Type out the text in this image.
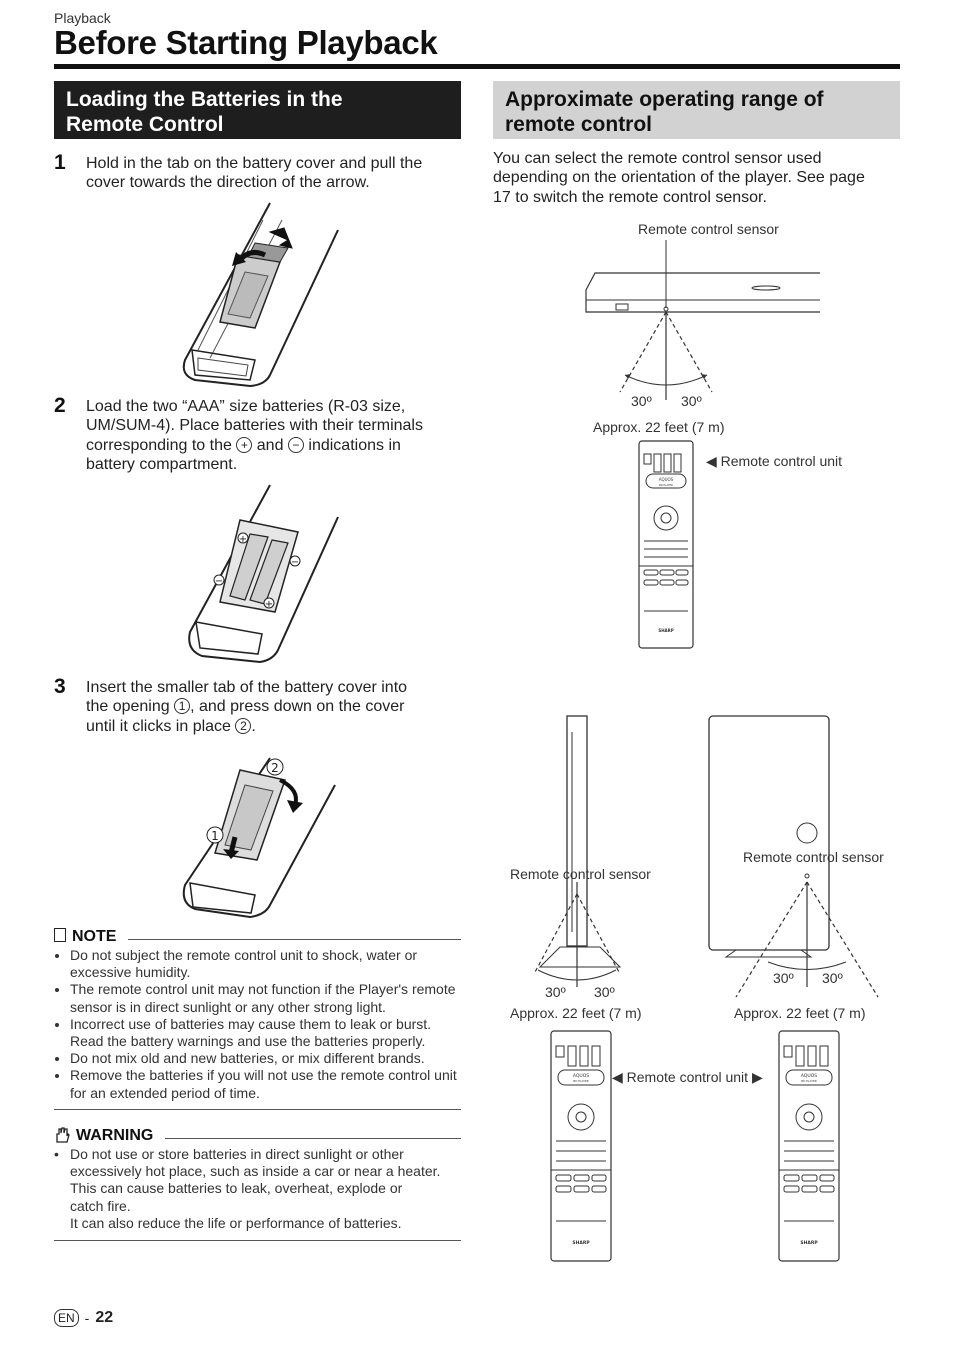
Playback
Before Starting Playback
Loading the Batteries in the
Remote Control
Approximate operating range of
remote control
1 Hold in the tab on the battery cover and pull the
cover towards the direction of the arrow.
2 Load the two “AAA” size batteries (R-03 size,
UM/SUM-4). Place batteries with their terminals
corresponding to the + and − indications in
battery compartment.
+
−
−
+
3 Insert the smaller tab of the battery cover into
the opening 1 , and press down on the cover
until it clicks in place 2 .
2
1
NOTE
• Do not subject the remote control unit to shock, water or excessive humidity.
• The remote control unit may not function if the Player's remote sensor is in direct sunlight or any other strong light.
• Incorrect use of batteries may cause them to leak or burst. Read the battery warnings and use the batteries properly.
• Do not mix old and new batteries, or mix different brands.
• Remove the batteries if you will not use the remote control unit for an extended period of time.
WARNING
• Do not use or store batteries in direct sunlight or other
excessively hot place, such as inside a car or near a heater.
This can cause batteries to leak, overheat, explode or
catch fire.
It can also reduce the life or performance of batteries.
You can select the remote control sensor used
depending on the orientation of the player. See page
17 to switch the remote control sensor.
Remote control sensor
30º 30º
Approx. 22 feet (7 m)
◀ Remote control unit
AQUOS
BD PLAYER
SHARP
Remote control sensor
30º 30º
Approx. 22 feet (7 m)
Remote control sensor
30º 30º
Approx. 22 feet (7 m)
◀ Remote control unit ▶
AQUOS
BD PLAYER
SHARP
AQUOS
BD PLAYER
SHARP
EN - 22
